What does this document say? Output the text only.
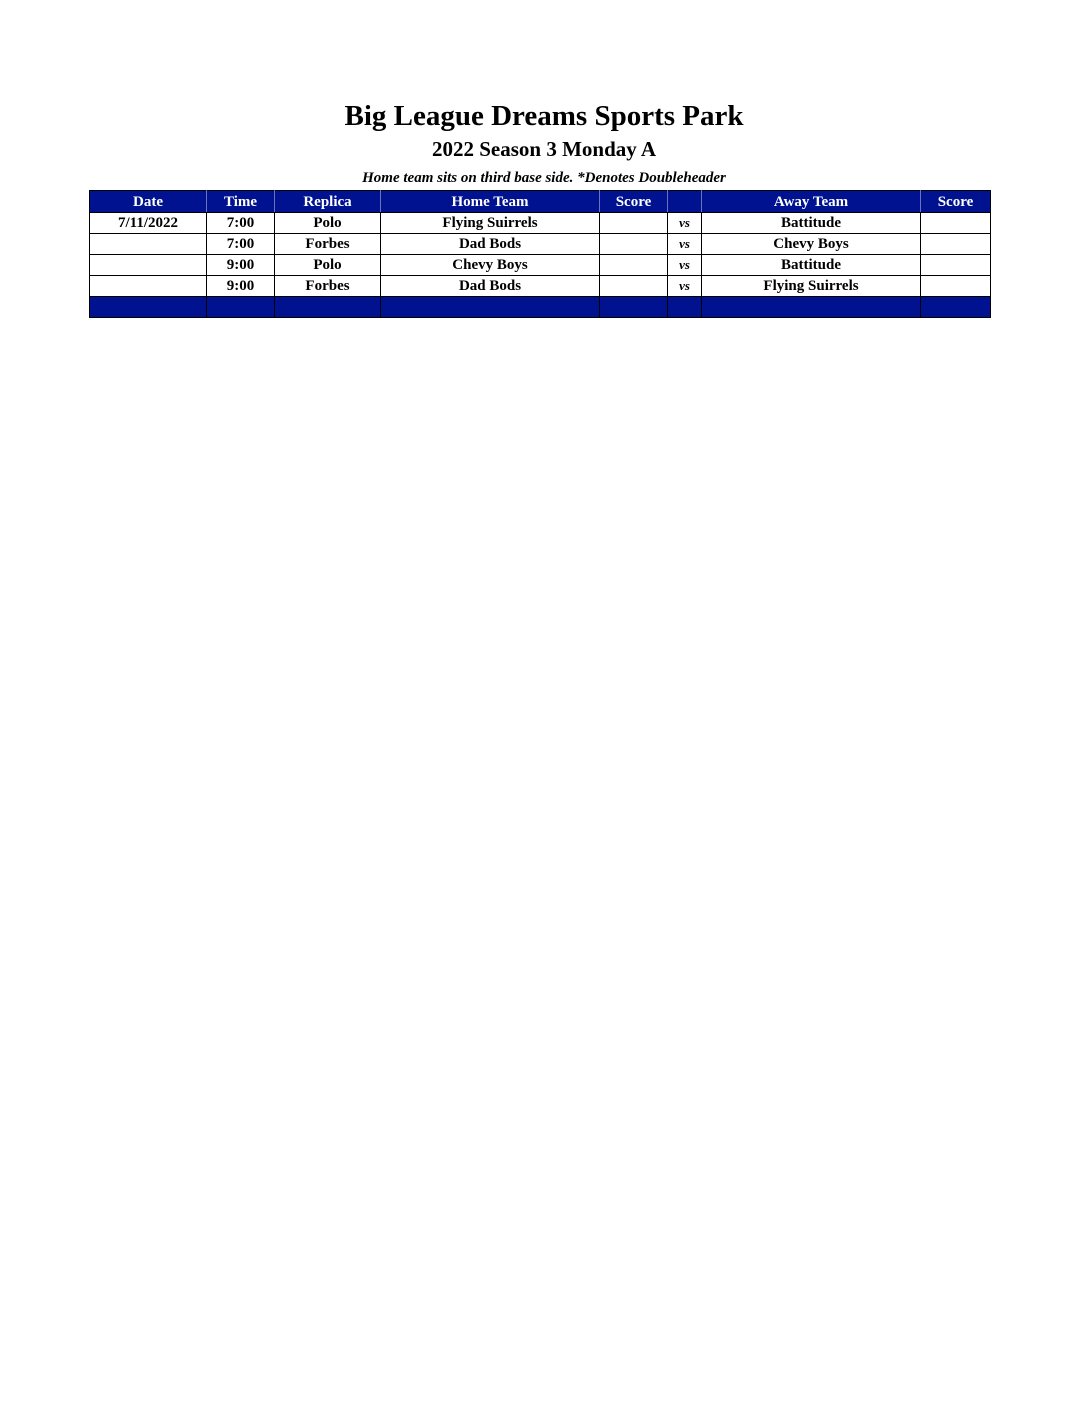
Big League Dreams Sports Park
2022 Season 3 Monday A
Home team sits on third base side. *Denotes Doubleheader
Date	Time	Replica	Home Team	Score		Away Team	Score
7/11/2022	7:00	Polo	Flying Suirrels		vs	Battitude	
	7:00	Forbes	Dad Bods		vs	Chevy Boys	
	9:00	Polo	Chevy Boys		vs	Battitude	
	9:00	Forbes	Dad Bods		vs	Flying Suirrels	
